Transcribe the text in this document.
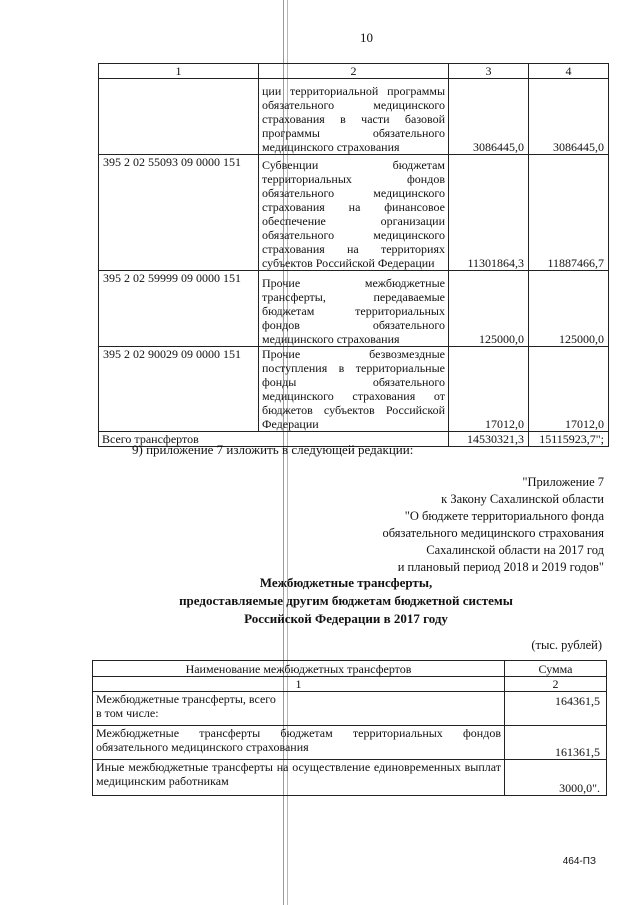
10
1	2	3	4
	ции территориальной программы обязательного медицинского страхования в части базовой программы обязательного медицинского страхования	3086445,0	3086445,0
395 2 02 55093 09 0000 151	Субвенции бюджетам территориальных фондов обязательного медицинского страхования на финансовое обеспечение организации обязательного медицинского страхования на территориях субъектов Российской Федерации	11301864,3	11887466,7
395 2 02 59999 09 0000 151	Прочие межбюджетные трансферты, передаваемые бюджетам территориальных фондов обязательного медицинского страхования	125000,0	125000,0
395 2 02 90029 09 0000 151	Прочие безвозмездные поступления в территориальные фонды обязательного медицинского страхования от бюджетов субъектов Российской Федерации	17012,0	17012,0
Всего трансфертов		14530321,3	15115923,7";
9) приложение 7 изложить в следующей редакции:
"Приложение 7
к Закону Сахалинской области
"О бюджете территориального фонда
обязательного медицинского страхования
Сахалинской области на 2017 год
и плановый период 2018 и 2019 годов"
Межбюджетные трансферты,
предоставляемые другим бюджетам бюджетной системы
Российской Федерации в 2017 году
(тыс. рублей)
Наименование межбюджетных трансфертов	Сумма
1	2

Межбюджетные трансферты, всего
в том числе:	164361,5
Межбюджетные трансферты бюджетам территориальных фондов обязательного медицинского страхования	161361,5
Иные межбюджетные трансферты на осуществление единовременных выплат медицинским работникам	3000,0".
464-ПЗ
